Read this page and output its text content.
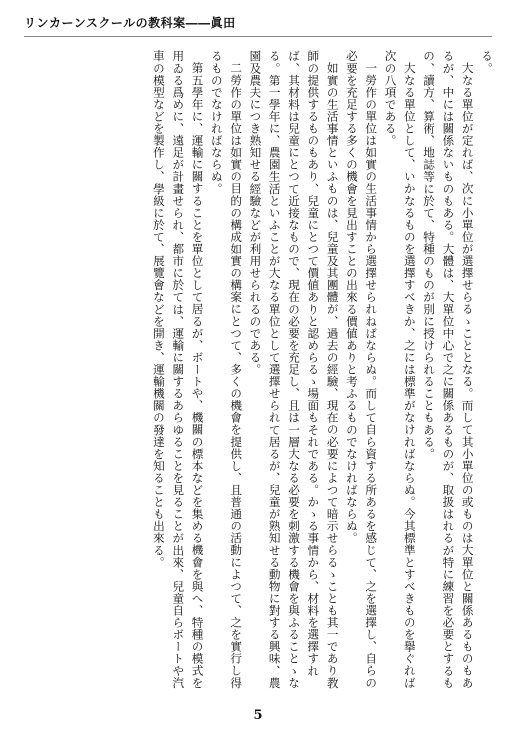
リンカーンスクールの教科案――眞田

る。

大なる單位が定れば、次に小單位が選擇せらるゝこととなる。而して其小單位の或ものは大單位と關係あるものもあるが、中には關係ないものもある。大體は、大單位中心で之に關係あるものが、取扱はれるが特に練習を必要とするもの、讀方、算術、地誌等に於て、特種のものが別に授けられることもある。

大なる單位として、いかなるものを選擇すべきか、之には標準がなければならぬ。今其標準とすべきものを擧ぐれば次の八項である。

一勞作の單位は如實の生活事情から選擇せられねばならぬ。而して自ら資する所あるを感じて、之を選擇し、自らの必要を充足する多くの機會を見出すことの出來る價値ありと考ふるものでなければならぬ。

如實の生活事情といふものは、兒童及其團體が、過去の經驗、現在の必要によつて暗示せらるゝことも其一であり教師の提供するものもあり、兒童にとつて價値ありと認めらるゝ場面もそれである。かゝる事情から、材料を選擇すれば、其材料は兒童にとつて近接なもので、現在の必要を充足し、且は一層大なる必要を刺激する機會を與ふることゝなる。第一學年に、農園生活といふことが大なる單位として選擇せられて居るが、兒童が熟知せる動物に對する興味、農園及農夫につき熟知せる經驗などが利用せられるのである。

二勞作の單位は如實の目的の構成如實の構案にとつて、多くの機會を提供し、且普通の活動によつて、之を實行し得るものでなければならぬ。

第五學年に、運輸に關することを單位として居るが、ボートや、機關の標本などを集める機會を與へ、特種の模式を用ゐる爲めに、遠足が計畫せられ、都市に於ては、運輸に關するあらゆることを見ることが出來、兒童自らボートや汽車の模型などを製作し、學級に於て、展覽會などを開き、運輸機關の發達を知ることも出來る。

5
